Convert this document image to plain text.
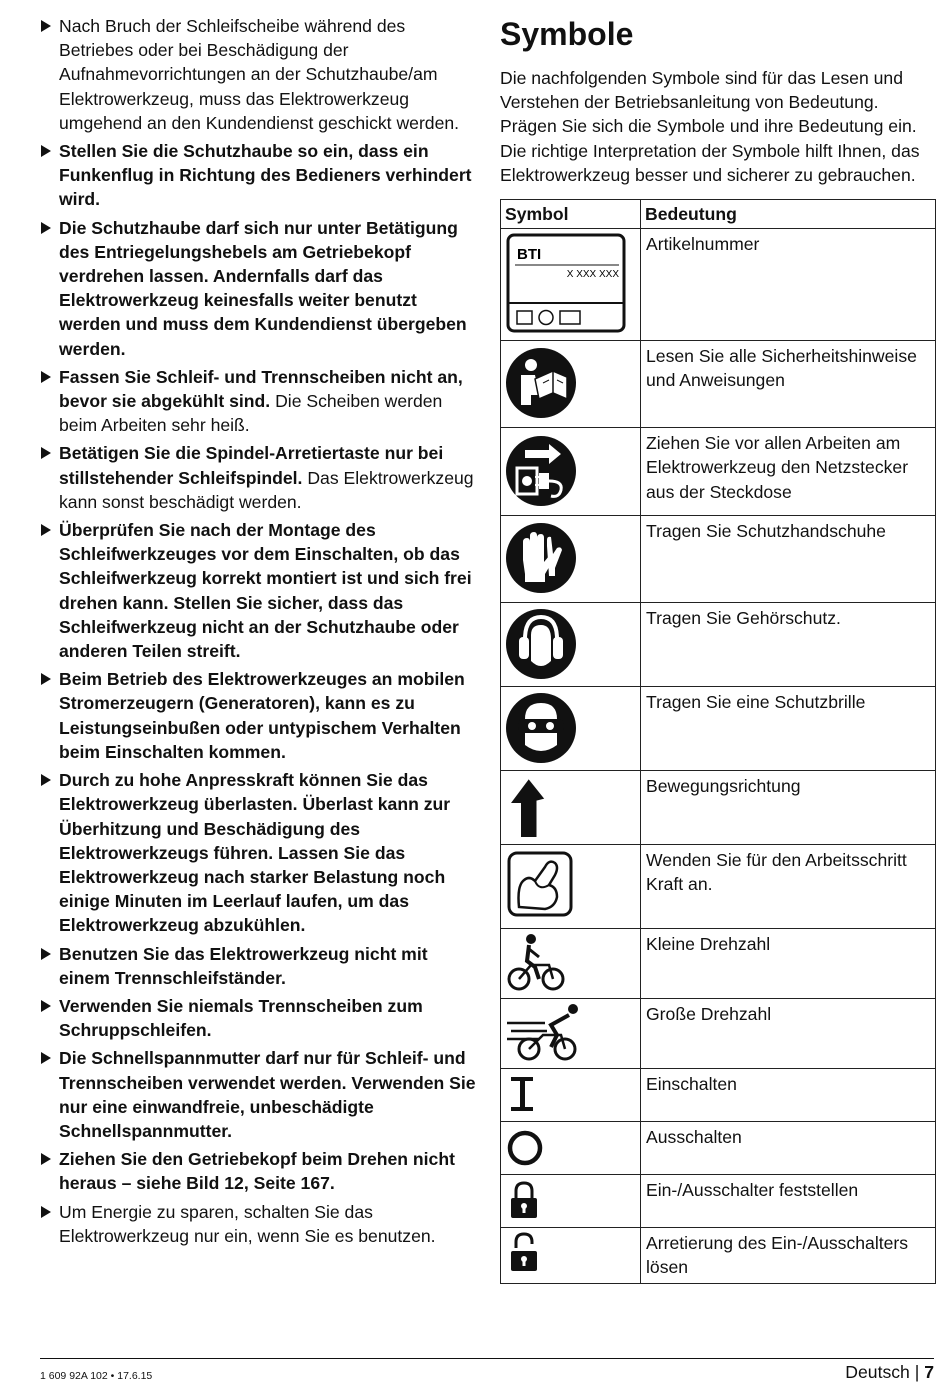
Nach Bruch der Schleifscheibe während des Betriebes oder bei Beschädigung der Aufnahmevorrichtungen an der Schutzhaube/am Elektrowerkzeug, muss das Elektrowerkzeug umgehend an den Kundendienst geschickt werden.
Stellen Sie die Schutzhaube so ein, dass ein Funkenflug in Richtung des Bedieners verhindert wird.
Die Schutzhaube darf sich nur unter Betätigung des Entriegelungshebels am Getriebekopf verdrehen lassen. Andernfalls darf das Elektrowerkzeug keinesfalls weiter benutzt werden und muss dem Kundendienst übergeben werden.
Fassen Sie Schleif- und Trennscheiben nicht an, bevor sie abgekühlt sind. Die Scheiben werden beim Arbeiten sehr heiß.
Betätigen Sie die Spindel-Arretiertaste nur bei stillstehender Schleifspindel. Das Elektrowerkzeug kann sonst beschädigt werden.
Überprüfen Sie nach der Montage des Schleifwerkzeuges vor dem Einschalten, ob das Schleifwerkzeug korrekt montiert ist und sich frei drehen kann. Stellen Sie sicher, dass das Schleifwerkzeug nicht an der Schutzhaube oder anderen Teilen streift.
Beim Betrieb des Elektrowerkzeuges an mobilen Stromerzeugern (Generatoren), kann es zu Leistungseinbußen oder untypischem Verhalten beim Einschalten kommen.
Durch zu hohe Anpresskraft können Sie das Elektrowerkzeug überlasten. Überlast kann zur Überhitzung und Beschädigung des Elektrowerkzeugs führen. Lassen Sie das Elektrowerkzeug nach starker Belastung noch einige Minuten im Leerlauf laufen, um das Elektrowerkzeug abzukühlen.
Benutzen Sie das Elektrowerkzeug nicht mit einem Trennschleifständer.
Verwenden Sie niemals Trennscheiben zum Schruppschleifen.
Die Schnellspannmutter darf nur für Schleif- und Trennscheiben verwendet werden. Verwenden Sie nur eine einwandfreie, unbeschädigte Schnellspannmutter.
Ziehen Sie den Getriebekopf beim Drehen nicht heraus – siehe Bild 12, Seite 167.
Um Energie zu sparen, schalten Sie das Elektrowerkzeug nur ein, wenn Sie es benutzen.
Symbole

Die nachfolgenden Symbole sind für das Lesen und Verstehen der Betriebsanleitung von Bedeutung. Prägen Sie sich die Symbole und ihre Bedeutung ein. Die richtige Interpretation der Symbole hilft Ihnen, das Elektrowerkzeug besser und sicherer zu gebrauchen.

Symbol	Bedeutung

BTI
X XXX XXX	Artikelnummer

	Lesen Sie alle Sicherheitshinweise und Anweisungen

	Ziehen Sie vor allen Arbeiten am Elektrowerkzeug den Netzstecker aus der Steckdose

	Tragen Sie Schutzhandschuhe

	Tragen Sie Gehörschutz.

	Tragen Sie eine Schutzbrille

	Bewegungsrichtung

	Wenden Sie für den Arbeitsschritt Kraft an.

	Kleine Drehzahl

	Große Drehzahl

	Einschalten

	Ausschalten

	Ein-/Ausschalter feststellen

	Arretierung des Ein-/Ausschalters lösen
1 609 92A 102 • 17.6.15	Deutsch | 7
